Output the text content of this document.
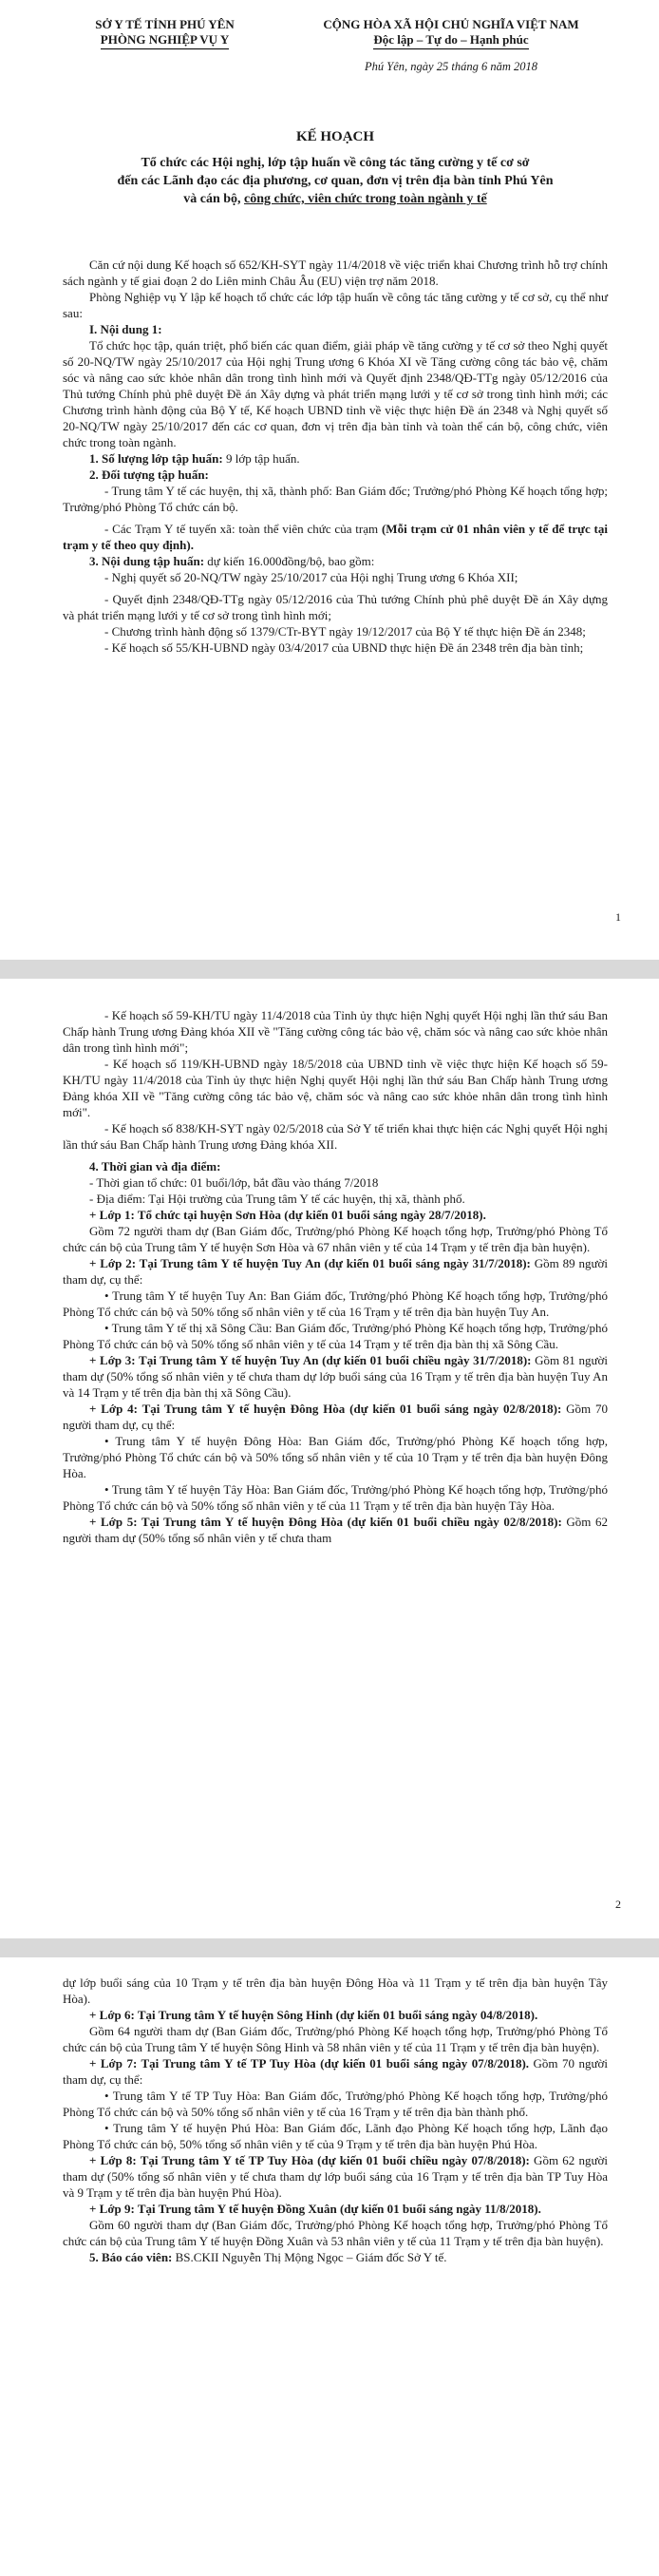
SỞ Y TẾ TỈNH PHÚ YÊN
PHÒNG NGHIỆP VỤ Y
CỘNG HÒA XÃ HỘI CHỦ NGHĨA VIỆT NAM
Độc lập – Tự do – Hạnh phúc
Phú Yên, ngày 25 tháng 6 năm 2018
KẾ HOẠCH
Tổ chức các Hội nghị, lớp tập huấn về công tác tăng cường y tế cơ sở
đến các Lãnh đạo các địa phương, cơ quan, đơn vị trên địa bàn tỉnh Phú Yên
và cán bộ, công chức, viên chức trong toàn ngành y tế

Căn cứ nội dung Kế hoạch số 652/KH-SYT ngày 11/4/2018 về việc triển khai Chương trình hỗ trợ chính sách ngành y tế giai đoạn 2 do Liên minh Châu Âu (EU) viện trợ năm 2018.

Phòng Nghiệp vụ Y lập kế hoạch tổ chức các lớp tập huấn về công tác tăng cường y tế cơ sở, cụ thể như sau:

I. Nội dung 1:

Tổ chức học tập, quán triệt, phổ biến các quan điểm, giải pháp về tăng cường y tế cơ sở theo Nghị quyết số 20-NQ/TW ngày 25/10/2017 của Hội nghị Trung ương 6 Khóa XI về Tăng cường công tác bảo vệ, chăm sóc và nâng cao sức khỏe nhân dân trong tình hình mới và Quyết định 2348/QĐ-TTg ngày 05/12/2016 của Thủ tướng Chính phủ phê duyệt Đề án Xây dựng và phát triển mạng lưới y tế cơ sở trong tình hình mới; các Chương trình hành động của Bộ Y tế, Kế hoạch UBND tỉnh về việc thực hiện Đề án 2348 và Nghị quyết số 20-NQ/TW ngày 25/10/2017 đến các cơ quan, đơn vị trên địa bàn tỉnh và toàn thể cán bộ, công chức, viên chức trong toàn ngành.

1. Số lượng lớp tập huấn: 9 lớp tập huấn.

2. Đối tượng tập huấn:

- Trung tâm Y tế các huyện, thị xã, thành phố: Ban Giám đốc; Trưởng/phó Phòng Kế hoạch tổng hợp; Trưởng/phó Phòng Tổ chức cán bộ.

- Các Trạm Y tế tuyến xã: toàn thể viên chức của trạm (Mỗi trạm cử 01 nhân viên y tế để trực tại trạm y tế theo quy định).

3. Nội dung tập huấn: dự kiến 16.000đồng/bộ, bao gồm:

- Nghị quyết số 20-NQ/TW ngày 25/10/2017 của Hội nghị Trung ương 6 Khóa XII;

- Quyết định 2348/QĐ-TTg ngày 05/12/2016 của Thủ tướng Chính phủ phê duyệt Đề án Xây dựng và phát triển mạng lưới y tế cơ sở trong tình hình mới;

- Chương trình hành động số 1379/CTr-BYT ngày 19/12/2017 của Bộ Y tế thực hiện Đề án 2348;

- Kế hoạch số 55/KH-UBND ngày 03/4/2017 của UBND thực hiện Đề án 2348 trên địa bàn tỉnh;

1

- Kế hoạch số 59-KH/TU ngày 11/4/2018 của Tỉnh ủy thực hiện Nghị quyết Hội nghị lần thứ sáu Ban Chấp hành Trung ương Đảng khóa XII về "Tăng cường công tác bảo vệ, chăm sóc và nâng cao sức khỏe nhân dân trong tình hình mới";

- Kế hoạch số 119/KH-UBND ngày 18/5/2018 của UBND tỉnh về việc thực hiện Kế hoạch số 59-KH/TU ngày 11/4/2018 của Tỉnh ủy thực hiện Nghị quyết Hội nghị lần thứ sáu Ban Chấp hành Trung ương Đảng khóa XII về "Tăng cường công tác bảo vệ, chăm sóc và nâng cao sức khỏe nhân dân trong tình hình mới".

- Kế hoạch số 838/KH-SYT ngày 02/5/2018 của Sở Y tế triển khai thực hiện các Nghị quyết Hội nghị lần thứ sáu Ban Chấp hành Trung ương Đảng khóa XII.

4. Thời gian và địa điểm:

- Thời gian tổ chức: 01 buổi/lớp, bắt đầu vào tháng 7/2018

- Địa điểm: Tại Hội trường của Trung tâm Y tế các huyện, thị xã, thành phố.

+ Lớp 1: Tổ chức tại huyện Sơn Hòa (dự kiến 01 buổi sáng ngày 28/7/2018).

Gồm 72 người tham dự (Ban Giám đốc, Trưởng/phó Phòng Kế hoạch tổng hợp, Trưởng/phó Phòng Tổ chức cán bộ của Trung tâm Y tế huyện Sơn Hòa và 67 nhân viên y tế của 14 Trạm y tế trên địa bàn huyện).

+ Lớp 2: Tại Trung tâm Y tế huyện Tuy An (dự kiến 01 buổi sáng ngày 31/7/2018): Gồm 89 người tham dự, cụ thể:

• Trung tâm Y tế huyện Tuy An: Ban Giám đốc, Trưởng/phó Phòng Kế hoạch tổng hợp, Trưởng/phó Phòng Tổ chức cán bộ và 50% tổng số nhân viên y tế của 16 Trạm y tế trên địa bàn huyện Tuy An.

• Trung tâm Y tế thị xã Sông Cầu: Ban Giám đốc, Trưởng/phó Phòng Kế hoạch tổng hợp, Trưởng/phó Phòng Tổ chức cán bộ và 50% tổng số nhân viên y tế của 14 Trạm y tế trên địa bàn thị xã Sông Cầu.

+ Lớp 3: Tại Trung tâm Y tế huyện Tuy An (dự kiến 01 buổi chiều ngày 31/7/2018): Gồm 81 người tham dự (50% tổng số nhân viên y tế chưa tham dự lớp buổi sáng của 16 Trạm y tế trên địa bàn huyện Tuy An và 14 Trạm y tế trên địa bàn thị xã Sông Cầu).

+ Lớp 4: Tại Trung tâm Y tế huyện Đông Hòa (dự kiến 01 buổi sáng ngày 02/8/2018): Gồm 70 người tham dự, cụ thể:

• Trung tâm Y tế huyện Đông Hòa: Ban Giám đốc, Trưởng/phó Phòng Kế hoạch tổng hợp, Trưởng/phó Phòng Tổ chức cán bộ và 50% tổng số nhân viên y tế của 10 Trạm y tế trên địa bàn huyện Đông Hòa.

• Trung tâm Y tế huyện Tây Hòa: Ban Giám đốc, Trưởng/phó Phòng Kế hoạch tổng hợp, Trưởng/phó Phòng Tổ chức cán bộ và 50% tổng số nhân viên y tế của 11 Trạm y tế trên địa bàn huyện Tây Hòa.

+ Lớp 5: Tại Trung tâm Y tế huyện Đông Hòa (dự kiến 01 buổi chiều ngày 02/8/2018): Gồm 62 người tham dự (50% tổng số nhân viên y tế chưa tham

2

dự lớp buổi sáng của 10 Trạm y tế trên địa bàn huyện Đông Hòa và 11 Trạm y tế trên địa bàn huyện Tây Hòa).

+ Lớp 6: Tại Trung tâm Y tế huyện Sông Hinh (dự kiến 01 buổi sáng ngày 04/8/2018).

Gồm 64 người tham dự (Ban Giám đốc, Trưởng/phó Phòng Kế hoạch tổng hợp, Trưởng/phó Phòng Tổ chức cán bộ của Trung tâm Y tế huyện Sông Hinh và 58 nhân viên y tế của 11 Trạm y tế trên địa bàn huyện).

+ Lớp 7: Tại Trung tâm Y tế TP Tuy Hòa (dự kiến 01 buổi sáng ngày 07/8/2018). Gồm 70 người tham dự, cụ thể:

• Trung tâm Y tế TP Tuy Hòa: Ban Giám đốc, Trưởng/phó Phòng Kế hoạch tổng hợp, Trưởng/phó Phòng Tổ chức cán bộ và 50% tổng số nhân viên y tế của 16 Trạm y tế trên địa bàn thành phố.

• Trung tâm Y tế huyện Phú Hòa: Ban Giám đốc, Lãnh đạo Phòng Kế hoạch tổng hợp, Lãnh đạo Phòng Tổ chức cán bộ, 50% tổng số nhân viên y tế của 9 Trạm y tế trên địa bàn huyện Phú Hòa.

+ Lớp 8: Tại Trung tâm Y tế TP Tuy Hòa (dự kiến 01 buổi chiều ngày 07/8/2018): Gồm 62 người tham dự (50% tổng số nhân viên y tế chưa tham dự lớp buổi sáng của 16 Trạm y tế trên địa bàn TP Tuy Hòa và 9 Trạm y tế trên địa bàn huyện Phú Hòa).

+ Lớp 9: Tại Trung tâm Y tế huyện Đồng Xuân (dự kiến 01 buổi sáng ngày 11/8/2018).

Gồm 60 người tham dự (Ban Giám đốc, Trưởng/phó Phòng Kế hoạch tổng hợp, Trưởng/phó Phòng Tổ chức cán bộ của Trung tâm Y tế huyện Đồng Xuân và 53 nhân viên y tế của 11 Trạm y tế trên địa bàn huyện).

5. Báo cáo viên: BS.CKII Nguyễn Thị Mộng Ngọc – Giám đốc Sở Y tế.
